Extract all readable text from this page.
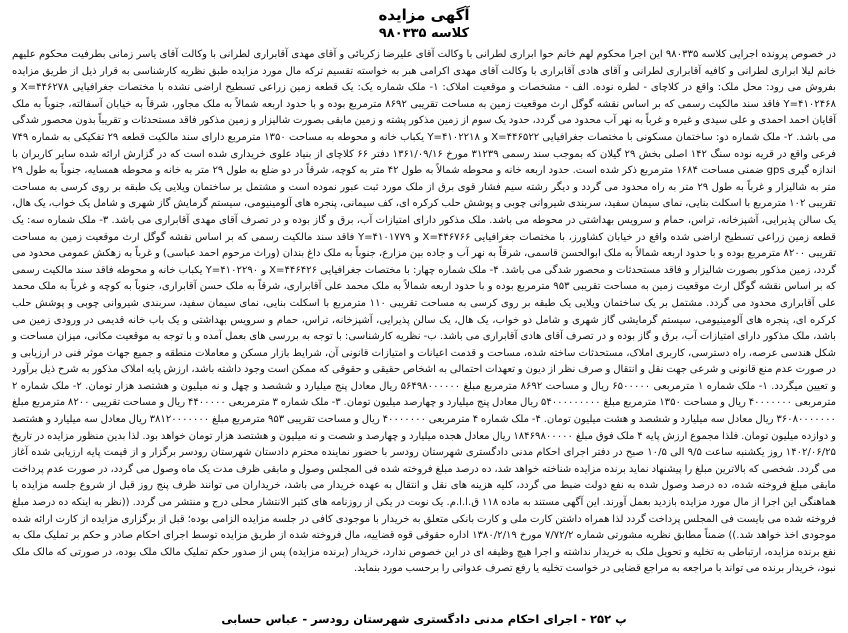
آگهی مزایده
کلاسه ۹۸۰۳۳۵
در خصوص پرونده اجرایی کلاسه ۹۸۰۳۳۵ این اجرا محکوم لهم خانم حوا ابراری لطرانی با وکالت آقای علیرضا زکربائی و آقای مهدی آقابراری لطرانی با وکالت آقای یاسر زمانی بطرفیت محکوم علیهم خانم لیلا ابراری لطرانی و کافیه آقابراری لطرانی و آقای هادی آقابراری با وکالت آقای مهدی اکرامی هبر به خواسته تقسیم ترکه مال مورد مزایده طبق نظریه کارشناسی به قرار ذیل از طریق مزایده بفروش می رود: محل ملک: واقع در کلاچای - لطره نوده. الف - مشخصات و موقعیت املاک: ۱- ملک شماره یک: یک قطعه زمین زراعی تسطیح اراضی نشده با مختصات جغرافیایی X=۴۴۶۲۷۸ و Y=۴۱۰۲۴۶۸ فاقد سند مالکیت رسمی که بر اساس نقشه گوگل ارث موقعیت زمین به مساحت تقریبی ۸۶۹۲ مترمربع بوده و با حدود اربعه شمالاً به ملک مجاور، شرقاً به خیابان آسفالته، جنوباً به ملک آقایان احمد احمدی و علی سیدی و غیره و غرباً به نهر آب محدود می گردد، حدود یک سوم از زمین مذکور پشته و زمین مابقی بصورت شالیزار و زمین مذکور فاقد مستحدثات و تقریباً بدون محصور شدگی می باشد. ۲- ملک شماره دو: ساختمان مسکونی با مختصات جغرافیایی X=۴۴۶۵۲۲ و Y=۴۱۰۲۲۱۸ یکباب خانه و محوطه به مساحت ۱۳۵۰ مترمربع دارای سند مالکیت قطعه ۲۹ تفکیکی به شماره ۷۴۹ فرعی واقع در قریه نوده سنگ ۱۴۲ اصلی بخش ۲۹ گیلان که بموجب سند رسمی ۳۱۲۳۹ مورخ ۱۳۶۱/۰۹/۱۶ دفتر ۶۶ کلاچای از بنیاد علوی خریداری شده است که در گزارش ارائه شده سایر کاربران با اندازه گیری gps ضمنی مساحت ۱۶۸۴ مترمربع ذکر شده است. حدود اربعه خانه و محوطه شمالاً به طول ۴۲ متر به کوچه، شرقاً در دو ضلع به طول ۲۹ متر به خانه و محوطه همسایه، جنوباً به طول ۲۹ متر به شالیزار و غرباً به طول ۲۹ متر به راه محدود می گردد و دیگر رشته سیم فشار قوی برق از ملک مورد ثبت عبور نموده است و مشتمل بر ساختمان ویلایی یک طبقه بر روی کرسی به مساحت تقریبی ۱۰۲ مترمربع با اسکلت بنایی، نمای سیمان سفید، سربندی شیروانی چوبی و پوشش حلب کرکره ای، کف سیمانی، پنجره های آلومینیومی، سیستم گرمایش گاز شهری و شامل یک خواب، یک هال، یک سالن پذیرایی، آشپزخانه، تراس، حمام و سرویس بهداشتی در محوطه می باشد. ملک مذکور دارای امتیازات آب، برق و گاز بوده و در تصرف آقای مهدی آقابراری می باشد. ۳- ملک شماره سه: یک قطعه زمین زراعی تسطیح اراضی شده واقع در خیابان کشاورز، با مختصات جغرافیایی X=۴۴۶۷۶۶ و Y=۴۱۰۱۷۷۹ فاقد سند مالکیت رسمی که بر اساس نقشه گوگل ارث موقعیت زمین به مساحت تقریبی ۸۲۰۰ مترمربع بوده و با حدود اربعه شمالاً به ملک ابوالحسن قاسمی، شرقاً به نهر آب و جاده بین مزارع، جنوباً به ملک داغ بندان (وراث مرحوم احمد عباسی) و غرباً به زهکش عمومی محدود می گردد، زمین مذکور بصورت شالیزار و فاقد مستحدثات و محصور شدگی می باشد. ۴- ملک شماره چهار: با مختصات جغرافیایی X=۴۴۶۴۲۶ و Y=۴۱۰۲۲۹۰ یکباب خانه و محوطه فاقد سند مالکیت رسمی که بر اساس نقشه گوگل ارث موقعیت زمین به مساحت تقریبی ۹۵۳ مترمربع بوده و با حدود اربعه شمالاً به ملک محمد علی آقابراری، شرقاً به ملک حسن آقابراری، جنوباً به کوچه و غرباً به ملک محمد علی آقابراری محدود می گردد. مشتمل بر یک ساختمان ویلایی یک طبقه بر روی کرسی به مساحت تقریبی ۱۱۰ مترمربع با اسکلت بنایی، نمای سیمان سفید، سربندی شیروانی چوبی و پوشش حلب کرکره ای، پنجره های آلومینیومی، سیستم گرمایشی گاز شهری و شامل دو خواب، یک هال، یک سالن پذیرایی، آشپزخانه، تراس، حمام و سرویس بهداشتی و یک باب خانه قدیمی در ورودی زمین می باشد، ملک مذکور دارای امتیازات آب، برق و گاز بوده و در تصرف آقای هادی آقابراری می باشد. ب- نظریه کارشناسی: با توجه به بررسی های بعمل آمده و با توجه به موقعیت مکانی، میزان مساحت و شکل هندسی عرصه، راه دسترسی، کاربری املاک، مستحدثات ساخته شده، مساحت و قدمت اعیانات و امتیازات قانونی آن، شرایط بازار مسکن و معاملات منطقه و جمیع جهات موثر فنی در ارزیابی و در صورت عدم منع قانونی و شرعی جهت نقل و انتقال و صرف نظر از دیون و تعهدات احتمالی به اشخاص حقیقی و حقوقی که ممکن است وجود داشته باشد، ارزش پایه املاک مذکور به شرح ذیل برآورد و تعیین میگردد. ۱- ملک شماره ۱ مترمربعی ۶۵۰۰۰۰۰ ریال و مساحت ۸۶۹۲ مترمربع مبلغ ۵۶۴۹۸۰۰۰۰۰۰ ریال معادل پنج میلیارد و ششصد و چهل و نه میلیون و هشتصد هزار تومان. ۲- ملک شماره ۲ مترمربعی ۴۰۰۰۰۰۰۰ ریال و مساحت ۱۳۵۰ مترمربع مبلغ ۵۴۰۰۰۰۰۰۰۰۰ ریال معادل پنج میلیارد و چهارصد میلیون تومان. ۳- ملک شماره ۳ مترمربعی ۴۴۰۰۰۰۰ ریال و مساحت تقریبی ۸۲۰۰ مترمربع مبلغ ۳۶۰۸۰۰۰۰۰۰۰ ریال معادل سه میلیارد و ششصد و هشت میلیون تومان. ۴- ملک شماره ۴ مترمربعی ۴۰۰۰۰۰۰۰ ریال و مساحت تقریبی ۹۵۳ مترمربع مبلغ ۳۸۱۲۰۰۰۰۰۰۰ ریال معادل سه میلیارد و هشتصد و دوازده میلیون تومان. فلذا مجموع ارزش پایه ۴ ملک فوق مبلغ ۱۸۴۶۹۸۰۰۰۰۰ ریال معادل هجده میلیارد و چهارصد و شصت و نه میلیون و هشتصد هزار تومان خواهد بود. لذا بدین منظور مزایده در تاریخ ۱۴۰۲/۰۶/۲۵ روز یکشنبه ساعت ۹/۵ الی ۱۰/۵ صبح در دفتر اجرای احکام مدنی دادگستری شهرستان رودسر با حضور نماینده محترم دادستان شهرستان رودسر برگزار و از قیمت پایه ارزیابی شده آغاز می گردد. شخصی که بالاترین مبلغ را پیشنهاد نماید برنده مزایده شناخته خواهد شد، ده درصد مبلغ فروخته شده فی المجلس وصول و مابقی ظرف مدت یک ماه وصول می گردد، در صورت عدم پرداخت مابقی مبلغ فروخته شده، ده درصد وصول شده به نفع دولت ضبط می گردد، کلیه هزینه های نقل و انتقال به عهده خریدار می باشد، خریداران می توانند ظرف پنج روز قبل از شروع جلسه مزایده با هماهنگی این اجرا از مال مورد مزایده بازدید بعمل آورند. این آگهی مستند به ماده ۱۱۸ ق.ا.ا.م. یک نوبت در یکی از روزنامه های کثیر الانتشار محلی درج و منتشر می گردد. ((نظر به اینکه ده درصد مبلغ فروخته شده می بایست فی المجلس پرداخت گردد لذا همراه داشتن کارت ملی و کارت بانکی متعلق به خریدار با موجودی کافی در جلسه مزایده الزامی بوده؛ قبل از برگزاری مزایده از کارت ارائه شده موجودی اخذ خواهد شد.)) ضمناً مطابق نظریه مشورتی شماره ۷/۷۲/۲ مورخ ۱۳۸۰/۲/۱۹ اداره حقوقی قوه قضاییه، مال فروخته شده از طریق مزایده توسط اجرای احکام صادر و حکم بر تملیک ملک به نفع برنده مزایده، ارتباطی به تخلیه و تحویل ملک به خریدار نداشته و اجرا هیچ وظیفه ای در این خصوص ندارد، خریدار (برنده مزایده) پس از صدور حکم تملیک مالک ملک بوده، در صورتی که مالک ملک نبود، خریدار برنده می تواند با مراجعه به مراجع قضایی در خواست تخلیه یا رفع تصرف عدوانی را برحسب مورد بنماید.
پ ۲۵۲ - اجرای احکام مدنی دادگستری شهرستان رودسر - عباس حسابی
